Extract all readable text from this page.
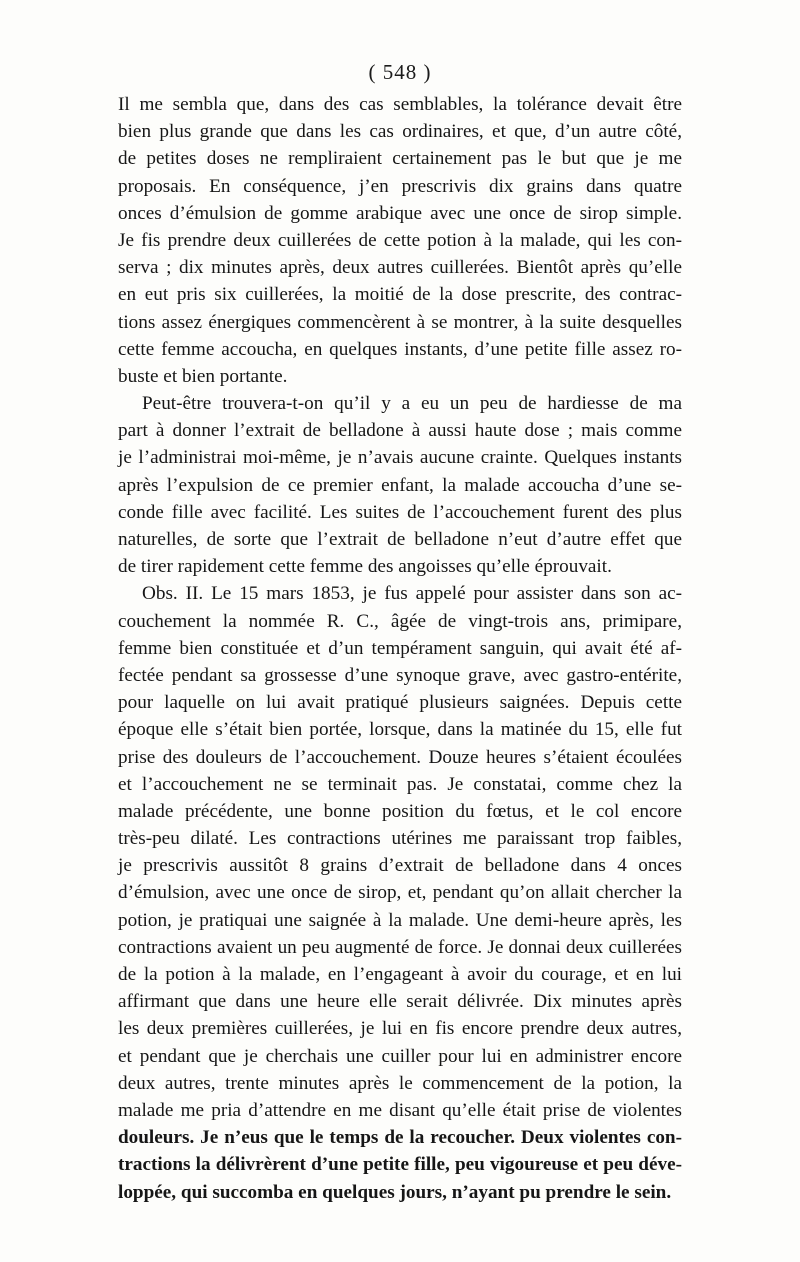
( 548 )
Il me sembla que, dans des cas semblables, la tolérance devait être
bien plus grande que dans les cas ordinaires, et que, d’un autre côté,
de petites doses ne rempliraient certainement pas le but que je me
proposais. En conséquence, j’en prescrivis dix grains dans quatre
onces d’émulsion de gomme arabique avec une once de sirop simple.
Je fis prendre deux cuillerées de cette potion à la malade, qui les con-
serva ; dix minutes après, deux autres cuillerées. Bientôt après qu’elle
en eut pris six cuillerées, la moitié de la dose prescrite, des contrac-
tions assez énergiques commencèrent à se montrer, à la suite desquelles
cette femme accoucha, en quelques instants, d’une petite fille assez ro-
buste et bien portante.
Peut-être trouvera-t-on qu’il y a eu un peu de hardiesse de ma
part à donner l’extrait de belladone à aussi haute dose ; mais comme
je l’administrai moi-même, je n’avais aucune crainte. Quelques instants
après l’expulsion de ce premier enfant, la malade accoucha d’une se-
conde fille avec facilité. Les suites de l’accouchement furent des plus
naturelles, de sorte que l’extrait de belladone n’eut d’autre effet que
de tirer rapidement cette femme des angoisses qu’elle éprouvait.
Obs. II. Le 15 mars 1853, je fus appelé pour assister dans son ac-
couchement la nommée R. C., âgée de vingt-trois ans, primipare,
femme bien constituée et d’un tempérament sanguin, qui avait été af-
fectée pendant sa grossesse d’une synoque grave, avec gastro-entérite,
pour laquelle on lui avait pratiqué plusieurs saignées. Depuis cette
époque elle s’était bien portée, lorsque, dans la matinée du 15, elle fut
prise des douleurs de l’accouchement. Douze heures s’étaient écoulées
et l’accouchement ne se terminait pas. Je constatai, comme chez la
malade précédente, une bonne position du fœtus, et le col encore
très-peu dilaté. Les contractions utérines me paraissant trop faibles,
je prescrivis aussitôt 8 grains d’extrait de belladone dans 4 onces
d’émulsion, avec une once de sirop, et, pendant qu’on allait chercher la
potion, je pratiquai une saignée à la malade. Une demi-heure après, les
contractions avaient un peu augmenté de force. Je donnai deux cuillerées
de la potion à la malade, en l’engageant à avoir du courage, et en lui
affirmant que dans une heure elle serait délivrée. Dix minutes après
les deux premières cuillerées, je lui en fis encore prendre deux autres,
et pendant que je cherchais une cuiller pour lui en administrer encore
deux autres, trente minutes après le commencement de la potion, la
malade me pria d’attendre en me disant qu’elle était prise de violentes
douleurs. Je n’eus que le temps de la recoucher. Deux violentes con-
tractions la délivrèrent d’une petite fille, peu vigoureuse et peu déve-
loppée, qui succomba en quelques jours, n’ayant pu prendre le sein.
